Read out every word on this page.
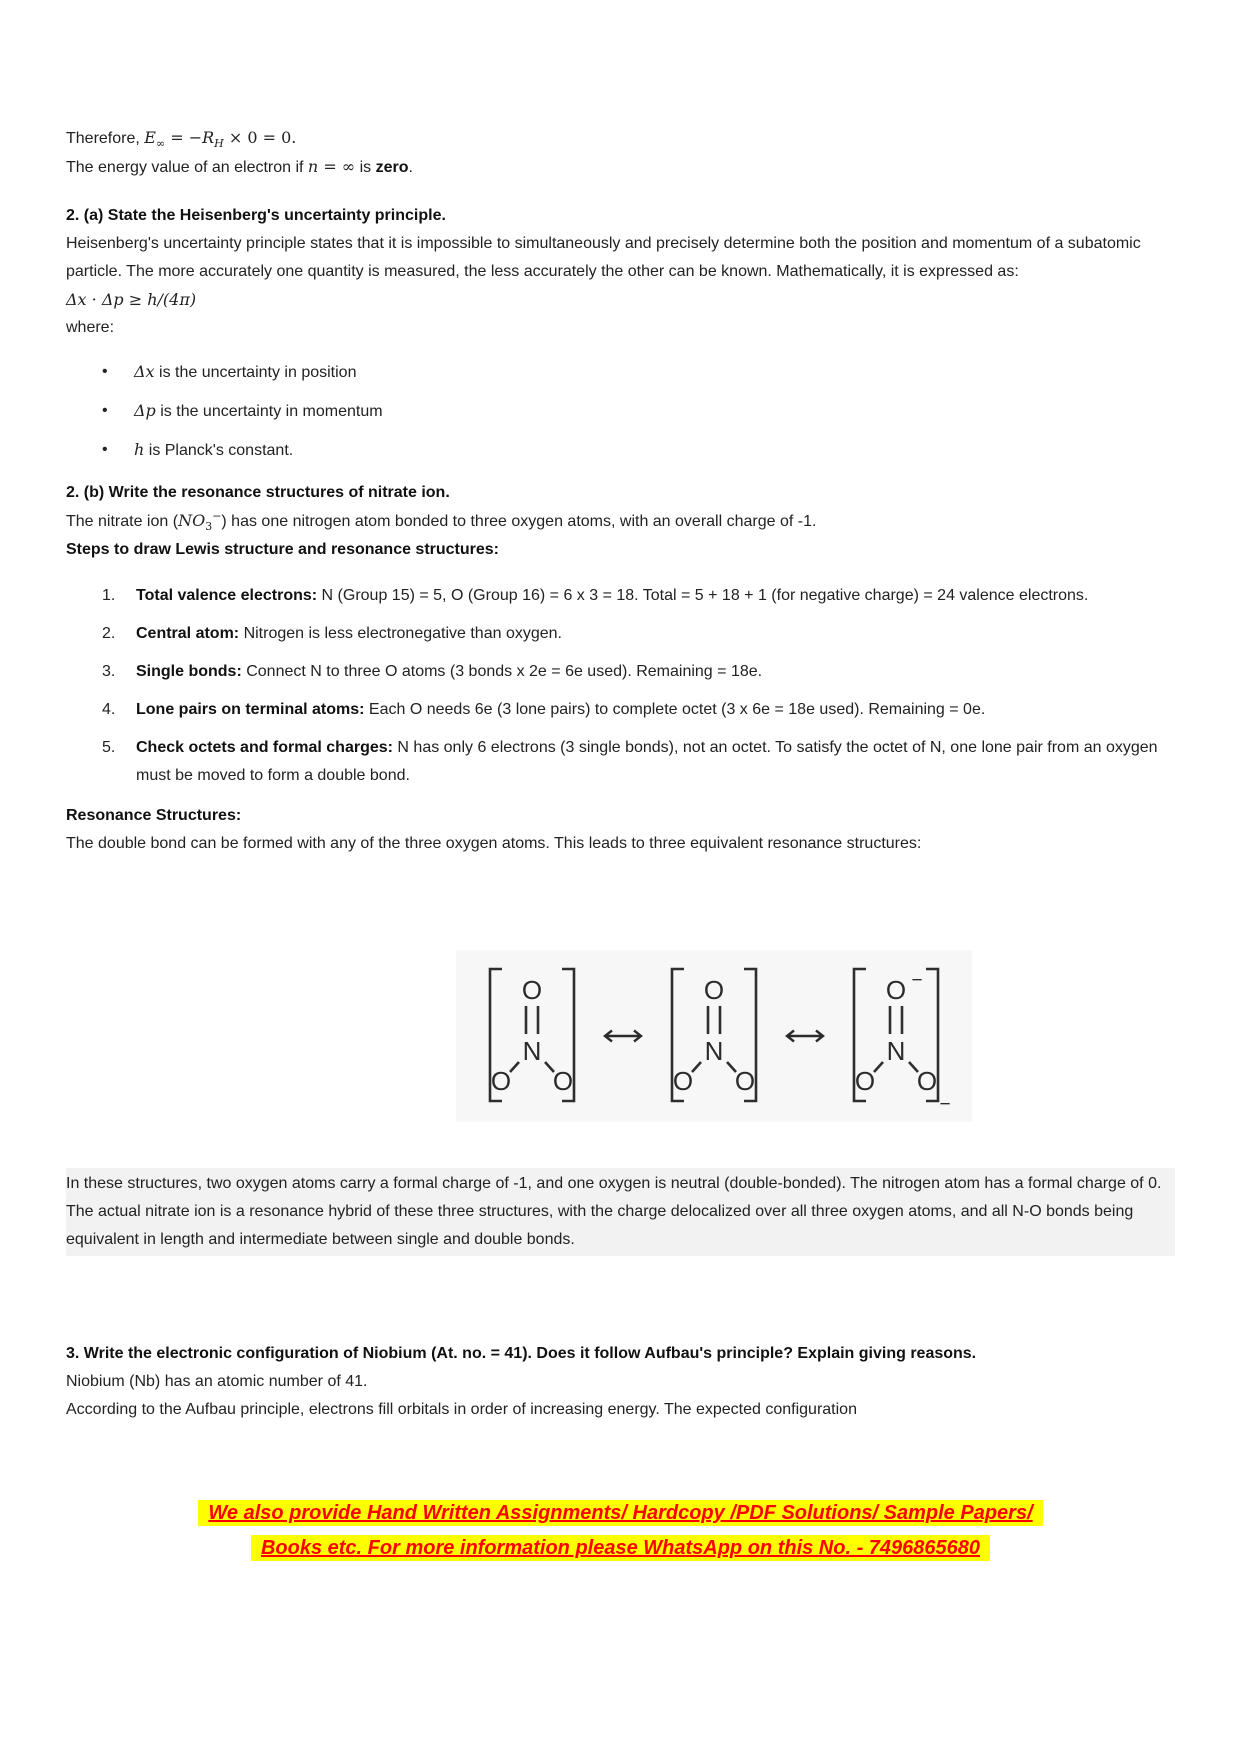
Therefore, $E_\infty = -R_H \times 0 = 0$.

The energy value of an electron if n = ∞ is zero.

2. (a) State the Heisenberg's uncertainty principle.

Heisenberg's uncertainty principle states that it is impossible to simultaneously and precisely determine both the position and momentum of a subatomic particle. The more accurately one quantity is measured, the less accurately the other can be known. Mathematically, it is expressed as:

Δx · Δp ≥ h/(4π)

where:

•	Δx is the uncertainty in position
•	Δp is the uncertainty in momentum
•	h is Planck's constant.

2. (b) Write the resonance structures of nitrate ion.

The nitrate ion $(NO_3^-)$ has one nitrogen atom bonded to three oxygen atoms, with an overall charge of -1.

Steps to draw Lewis structure and resonance structures:

1.	Total valence electrons: N (Group 15) = 5, O (Group 16) = 6 x 3 = 18. Total = 5 + 18 + 1 (for negative charge) = 24 valence electrons.
2.	Central atom: Nitrogen is less electronegative than oxygen.
3.	Single bonds: Connect N to three O atoms (3 bonds x 2e = 6e used). Remaining = 18e.
4.	Lone pairs on terminal atoms: Each O needs 6e (3 lone pairs) to complete octet (3 x 6e = 18e used). Remaining = 0e.
5.	Check octets and formal charges: N has only 6 electrons (3 single bonds), not an octet. To satisfy the octet of N, one lone pair from an oxygen must be moved to form a double bond.

Resonance Structures:

The double bond can be formed with any of the three oxygen atoms. This leads to three equivalent resonance structures:

O
N
O O
O
N
O O
O −
N
O O
−

In these structures, two oxygen atoms carry a formal charge of -1, and one oxygen is neutral (double-bonded). The nitrogen atom has a formal charge of 0. The actual nitrate ion is a resonance hybrid of these three structures, with the charge delocalized over all three oxygen atoms, and all N-O bonds being equivalent in length and intermediate between single and double bonds.

3. Write the electronic configuration of Niobium (At. no. = 41). Does it follow Aufbau's principle? Explain giving reasons.

Niobium (Nb) has an atomic number of 41.

According to the Aufbau principle, electrons fill orbitals in order of increasing energy. The expected configuration

We also provide Hand Written Assignments/ Hardcopy /PDF Solutions/ Sample Papers/
Books etc. For more information please WhatsApp on this No. - 7496865680
